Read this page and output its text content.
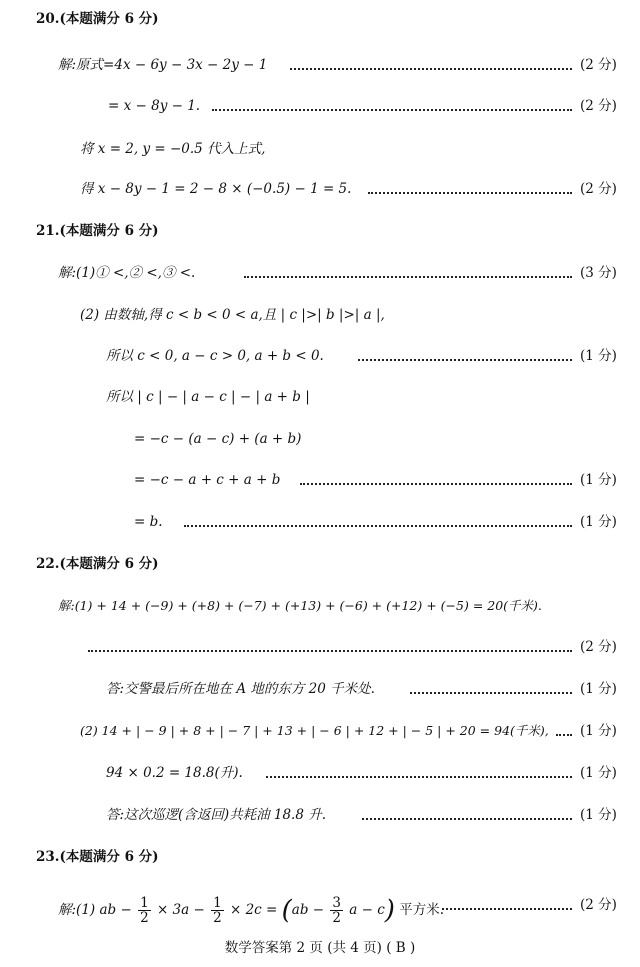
20.(本题满分 6 分)
解:原式=4x − 6y − 3x − 2y − 1	(2 分)
= x − 8y − 1.	(2 分)
将 x = 2, y = −0.5 代入上式,
得 x − 8y − 1 = 2 − 8 × (−0.5) − 1 = 5.	(2 分)
21.(本题满分 6 分)
解:(1)① <,② <,③ <.	(3 分)
(2) 由数轴,得 c < b < 0 < a,且 | c |>| b |>| a |,
所以 c < 0, a − c > 0, a + b < 0.	(1 分)
所以 | c | − | a − c | − | a + b |
= −c − (a − c) + (a + b)
= −c − a + c + a + b	(1 分)
= b.	(1 分)
22.(本题满分 6 分)
解:(1) + 14 + (−9) + (+8) + (−7) + (+13) + (−6) + (+12) + (−5) = 20(千米).
(2 分)
答:交警最后所在地在 A 地的东方 20 千米处.	(1 分)
(2) 14 + | − 9 | + 8 + | − 7 | + 13 + | − 6 | + 12 + | − 5 | + 20 = 94(千米), (1 分)
94 × 0.2 = 18.8(升).	(1 分)
答:这次巡逻(含返回)共耗油 18.8 升.	(1 分)
23.(本题满分 6 分)
解:(1) ab − $\frac{1}{2} \times 3a - \frac{1}{2} \times 2c = (ab - \frac{3}{2}$ a − c) 平方米.	(2 分)
数学答案第 2 页 (共 4 页) ( B )
